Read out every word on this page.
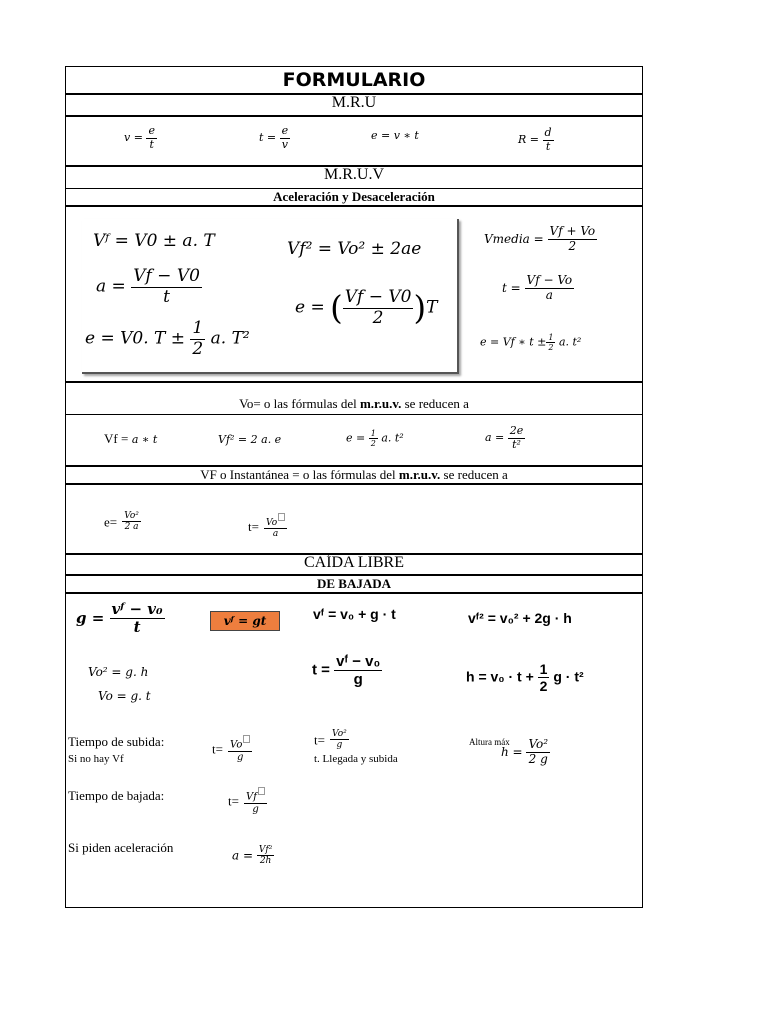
FORMULARIO
M.R.U
$v = \frac{e}{t}$	$t = \frac{e}{v}$	e = v ∗ t	$R = \frac{d}{t}$
M.R.U.V
Aceleración y Desaceleración
Vᶠ = V0 ± a. T	Vf² = Vo² ± 2ae
$a = \frac{Vf - V0}{t}$
e = ( $\frac{Vf - V0}{2} )T$
e = V0. $T \pm \frac{1}{2} a$. T²
Vmedia = $\frac{Vf + Vo}{2}$
$t = \frac{Vf - Vo}{a}$
e = Vf ∗ $t \pm \frac{1}{2} a$. t²
Vo= o las fórmulas del m.r.u.v. se reducen a
Vf = a ∗ t	Vf² = 2 a. e	$e = \frac{1}{2} a$. t²	$a = \frac{2e}{\text{t²}}$
VF o Instantánea = o las fórmulas del m.r.u.v. se reducen a
$e= \frac{\text{Vo²}}{2 a}$	$t= \frac{Vo}{a}$
CAÍDA LIBRE
DE BAJADA
$g = \frac{\text{vᶠ − v₀}}{t}$	vᶠ = gt	vᶠ = v₀ + g · t	vᶠ² = v₀² + 2g · h
Vo² = g. h
Vo = g. t
$t = \frac{\text{vᶠ − v₀}}{g}$	$h = v_0 \cdot t + \frac{1}{2}$ g · t²
Tiempo de subida:
Si no hay Vf
$t= \frac{Vo}{g}$	$t= \frac{\text{Vo²}}{g}$
t. Llegada y subida
Altura máx
$h = \frac{\text{Vo²}}{2 g}$
Tiempo de bajada:	$t= \frac{Vf}{g}$
Si piden aceleración
$a = \frac{\text{Vf²}}{2h}$
